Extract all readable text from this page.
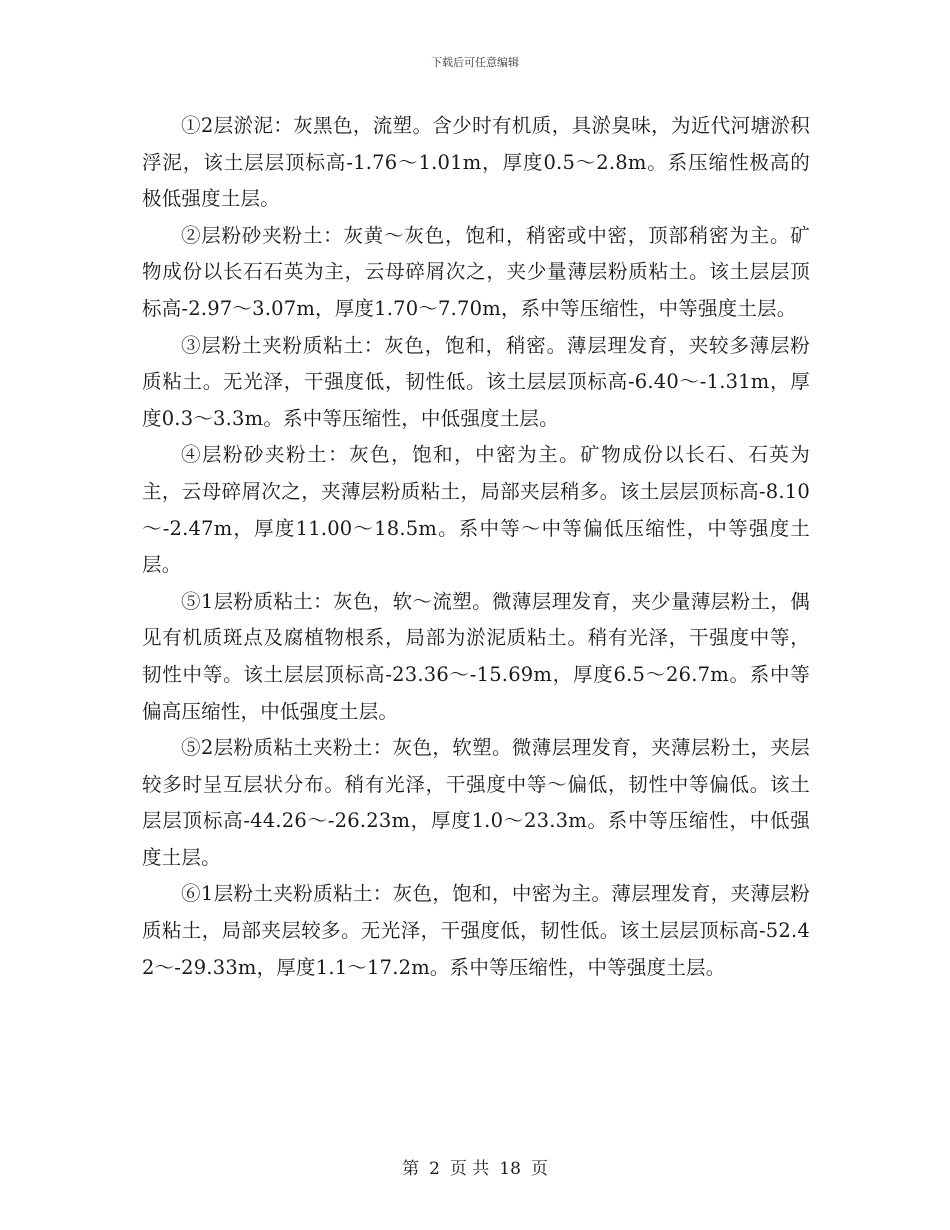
下载后可任意编辑

①2层淤泥：灰黑色，流塑。含少时有机质，具淤臭味，为近代河塘淤积浮泥，该土层层顶标高-1.76～1.01m，厚度0.5～2.8m。系压缩性极高的极低强度土层。

②层粉砂夹粉土：灰黄～灰色，饱和，稍密或中密，顶部稍密为主。矿物成份以长石石英为主，云母碎屑次之，夹少量薄层粉质粘土。该土层层顶标高-2.97～3.07m，厚度1.70～7.70m，系中等压缩性，中等强度土层。

③层粉土夹粉质粘土：灰色，饱和，稍密。薄层理发育，夹较多薄层粉质粘土。无光泽，干强度低，韧性低。该土层层顶标高-6.40～-1.31m，厚度0.3～3.3m。系中等压缩性，中低强度土层。

④层粉砂夹粉土：灰色，饱和，中密为主。矿物成份以长石、石英为主，云母碎屑次之，夹薄层粉质粘土，局部夹层稍多。该土层层顶标高-8.10～-2.47m，厚度11.00～18.5m。系中等～中等偏低压缩性，中等强度土层。

⑤1层粉质粘土：灰色，软～流塑。微薄层理发育，夹少量薄层粉土，偶见有机质斑点及腐植物根系，局部为淤泥质粘土。稍有光泽，干强度中等，韧性中等。该土层层顶标高-23.36～-15.69m，厚度6.5～26.7m。系中等偏高压缩性，中低强度土层。

⑤2层粉质粘土夹粉土：灰色，软塑。微薄层理发育，夹薄层粉土，夹层较多时呈互层状分布。稍有光泽，干强度中等～偏低，韧性中等偏低。该土层层顶标高-44.26～-26.23m，厚度1.0～23.3m。系中等压缩性，中低强度土层。

⑥1层粉土夹粉质粘土：灰色，饱和，中密为主。薄层理发育，夹薄层粉质粘土，局部夹层较多。无光泽，干强度低，韧性低。该土层层顶标高-52.42～-29.33m，厚度1.1～17.2m。系中等压缩性，中等强度土层。

第 2 页 共 18 页
